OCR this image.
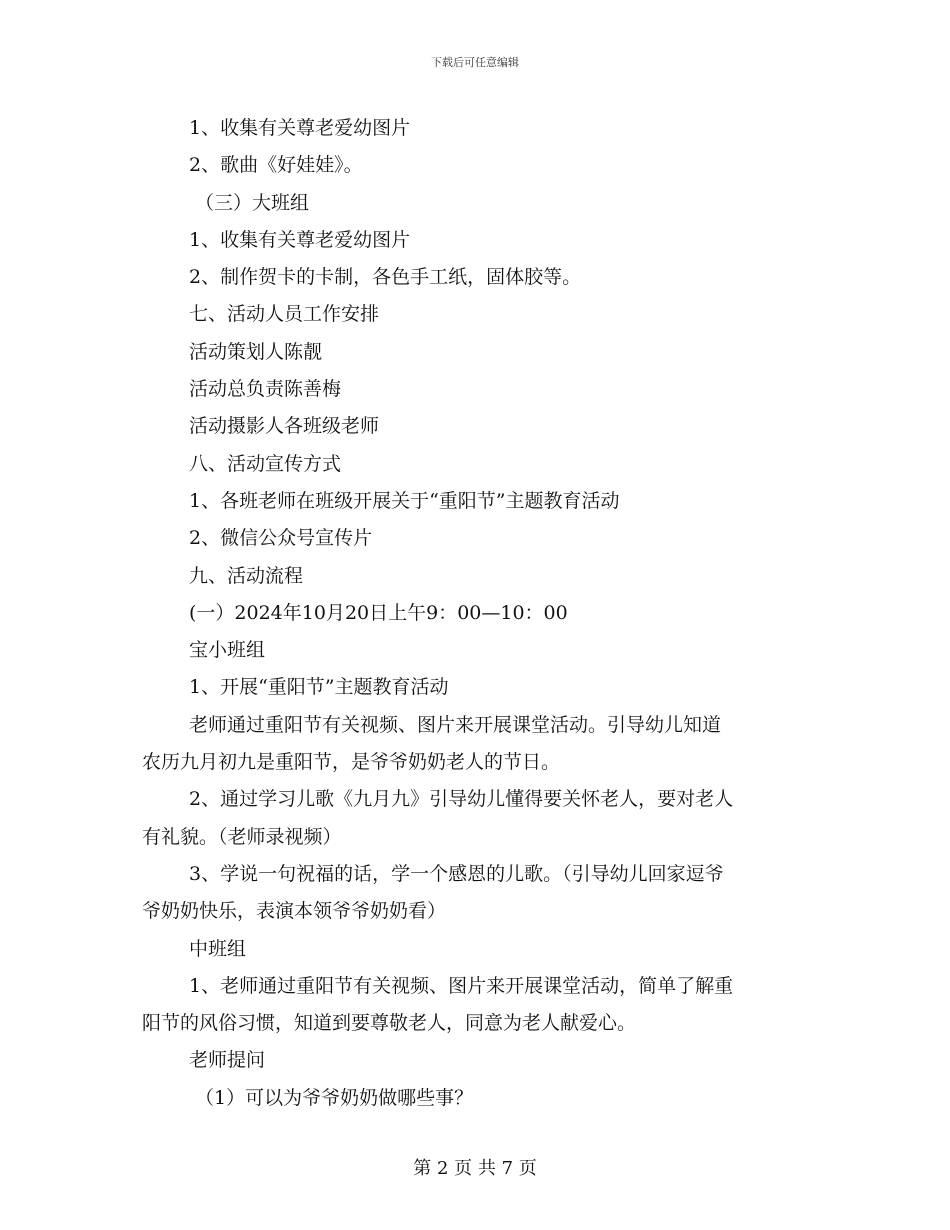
下载后可任意编辑
1、收集有关尊老爱幼图片
2、歌曲《好娃娃》。
（三）大班组
1、收集有关尊老爱幼图片
2、制作贺卡的卡制，各色手工纸，固体胶等。
七、活动人员工作安排
活动策划人陈靓
活动总负责陈善梅
活动摄影人各班级老师
八、活动宣传方式
1、各班老师在班级开展关于“重阳节”主题教育活动
2、微信公众号宣传片
九、活动流程
(一）2024年10月20日上午9：00—10：00
宝小班组
1、开展“重阳节”主题教育活动
老师通过重阳节有关视频、图片来开展课堂活动。引导幼儿知道
农历九月初九是重阳节，是爷爷奶奶老人的节日。
2、通过学习儿歌《九月九》引导幼儿懂得要关怀老人，要对老人
有礼貌。（老师录视频）
3、学说一句祝福的话，学一个感恩的儿歌。（引导幼儿回家逗爷
爷奶奶快乐，表演本领爷爷奶奶看）
中班组
1、老师通过重阳节有关视频、图片来开展课堂活动，简单了解重
阳节的风俗习惯，知道到要尊敬老人，同意为老人献爱心。
老师提问
（1）可以为爷爷奶奶做哪些事？
第 2 页 共 7 页
